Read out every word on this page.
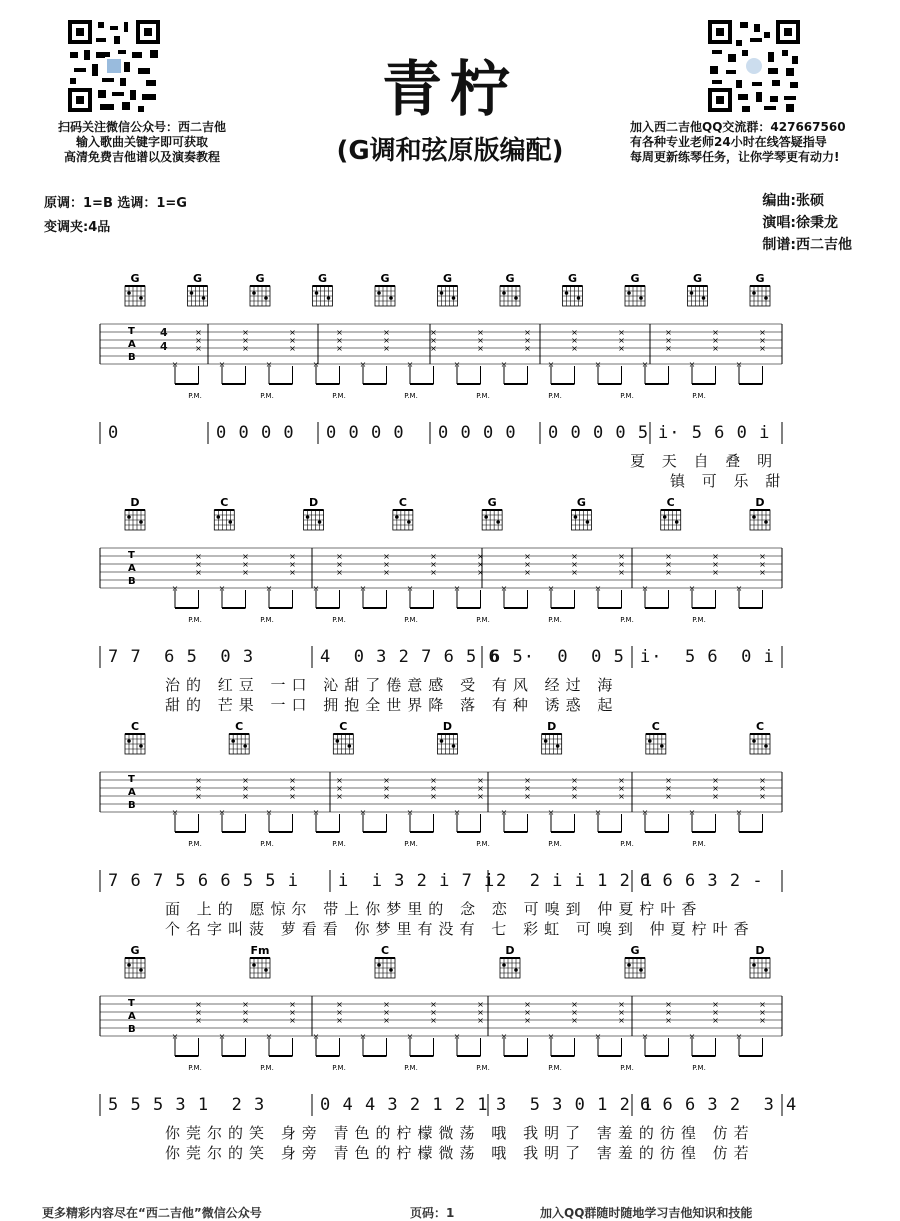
扫码关注微信公众号：西二吉他
输入歌曲关键字即可获取
高清免费吉他谱以及演奏教程
加入西二吉他QQ交流群：427667560
有各种专业老师24小时在线答疑指导
每周更新练琴任务，让你学琴更有动力!
青柠
(G调和弦原版编配)
原调：1=B 选调：1=G
变调夹:4品
编曲:张硕
演唱:徐秉龙
制谱:西二吉他
G	G	G	G	G	G	G	G	G	G	G
T
A
B
×
×
×
×
×
×
×
×
×
×
×
×
×
×
×
×
×
×
×
×
×
×
×
×
×
×
×
×
×
×
×
×
×
×
×
×
×
×
×
×
×
×
×
×
×
×
×
×
×
×
×
×
P.M.	P.M.	P.M.	P.M.	P.M.	P.M.	P.M.	P.M.
0	0 0 0 0 0 0 0 0 0 0 0 0 0 0 0 0 5 i· 5 6 0 i
夏 天 自 叠 明
镇 可 乐 甜
D	C	D	C	G	G	C	D
T
A
B
×
×
×
×
×
×
×
×
×
×
×
×
×
×
×
×
×
×
×
×
×
×
×
×
×
×
×
×
×
×
×
×
×
×
×
×
×
×
×
×
×
×
×
×
×
×
×
×
×
×
×
×
P.M.	P.M.	P.M.	P.M.	P.M.	P.M.	P.M.	P.M.
7 7  6 5  0 3	4  0 3 2 7 6 5 6
6 5·  0  0 5 i·  5 6  0 i
治的 红豆 一口 沁甜了倦意感 受 有风 经过 海
甜的 芒果 一口 拥抱全世界降 落 有种 诱惑 起
C	C	C	D	D	C	C
T
A
B
×
×
×
×
×
×
×
×
×
×
×
×
×
×
×
×
×
×
×
×
×
×
×
×
×
×
×
×
×
×
×
×
×
×
×
×
×
×
×
×
×
×
×
×
×
×
×
×
×
×
×
×
P.M.	P.M.	P.M.	P.M.	P.M.	P.M.	P.M.	P.M.
7 6 7 5 6 6 5 5 i i  i 3 2 i 7 i 2  2 i i 1 2 1
6 6 6 3 2 -
面 上的 愿惊尔 带上你梦里的 念 恋 可嗅到 仲夏柠叶香
个名字叫菠 萝看看 你梦里有没有 七 彩虹 可嗅到 仲夏柠叶香
G	Fm	C	D	G	D
T
A
B
×
×
×
×
×
×
×
×
×
×
×
×
×
×
×
×
×
×
×
×
×
×
×
×
×
×
×
×
×
×
×
×
×
×
×
×
×
×
×
×
×
×
×
×
×
×
×
×
×
×
×
×
P.M.	P.M.	P.M.	P.M.	P.M.	P.M.	P.M.	P.M.
5 5 5 3 1  2 3	0 4 4 3 2 1 2 1 3  5 3 0 1 2 1
6 6 6 3 2  3 4
你莞尔的笑 身旁 青色的柠檬微荡 哦 我明了 害羞的彷徨 仿若
你莞尔的笑 身旁 青色的柠檬微荡 哦 我明了 害羞的彷徨 仿若
4
4
更多精彩内容尽在“西二吉他”微信公众号	页码：1	加入QQ群随时随地学习吉他知识和技能
